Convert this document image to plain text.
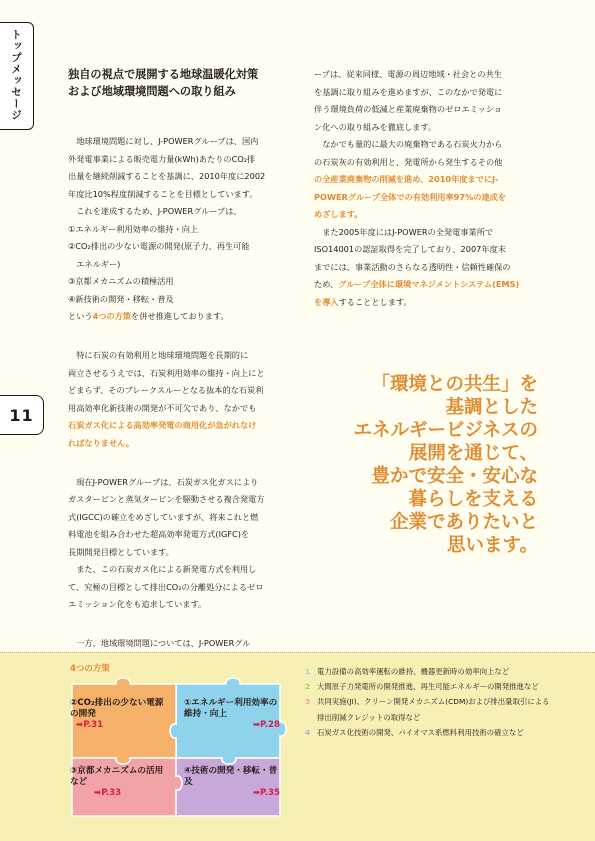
トップメッセージ
11
独自の視点で展開する地球温暖化対策
および地域環境問題への取り組み
地球環境問題に対し、J-POWERグループは、国内
外発電事業による販売電力量(kWh)あたりのCO₂排
出量を継続削減することを基調に、2010年度に2002
年度比10%程度削減することを目標としています。
これを達成するため、J-POWERグループは、
①エネルギー利用効率の維持・向上
②CO₂排出の少ない電源の開発(原子力、再生可能
エネルギー)
③京都メカニズムの積極活用
④新技術の開発・移転・普及
という4つの方策を併せ推進しております。
特に石炭の有効利用と地球環境問題を長期的に
両立させるうえでは、石炭利用効率の維持・向上にと
どまらず、そのブレークスルーとなる抜本的な石炭利
用高効率化新技術の開発が不可欠であり、なかでも
石炭ガス化による高効率発電の商用化が急がれなけ
ればなりません。
現在J-POWERグループは、石炭ガス化ガスにより
ガスタービンと蒸気タービンを駆動させる複合発電方
式(IGCC)の確立をめざしていますが、将来これと燃
料電池を組み合わせた超高効率発電方式(IGFC)を
長期開発目標としています。
また、この石炭ガス化による新発電方式を利用し
て、究極の目標として排出CO₂の分離処分によるゼロ
エミッション化をも追求しています。
一方、地域環境問題については、J-POWERグル
ープは、従来同様、電源の周辺地域・社会との共生
を基調に取り組みを進めますが、このなかで発電に
伴う環境負荷の低減と産業廃棄物のゼロエミッショ
ン化への取り組みを徹底します。
なかでも量的に最大の廃棄物である石炭火力から
の石炭灰の有効利用と、発電所から発生するその他
の全産業廃棄物の削減を進め、2010年度までにJ-
POWERグループ全体での有効利用率97%の達成を
めざします。
また2005年度にはJ-POWERの全発電事業所で
ISO14001の認証取得を完了しており、2007年度末
までには、事業活動のさらなる透明性・信頼性確保の
ため、グループ全体に環境マネジメントシステム(EMS)
を導入することとします。
「環境との共生」を
基調とした
エネルギービジネスの
展開を通じて、
豊かで安全・安心な
暮らしを支える
企業でありたいと
思います。
4つの方策
②CO₂排出の少ない電源の開発
➡P.31
①エネルギー利用効率の維持・向上
➡P.28
③京都メカニズムの活用など
➡P.33
④技術の開発・移転・普及
➡P.35
1 電力設備の高効率運転の維持、機器更新時の効率向上など
2 大間原子力発電所の開発推進、再生可能エネルギーの開発推進など
3 共同実施(JI)、クリーン開発メカニズム(CDM)および排出量取引による排出削減クレジットの取得など
4 石炭ガス化技術の開発、バイオマス系燃料利用技術の確立など
